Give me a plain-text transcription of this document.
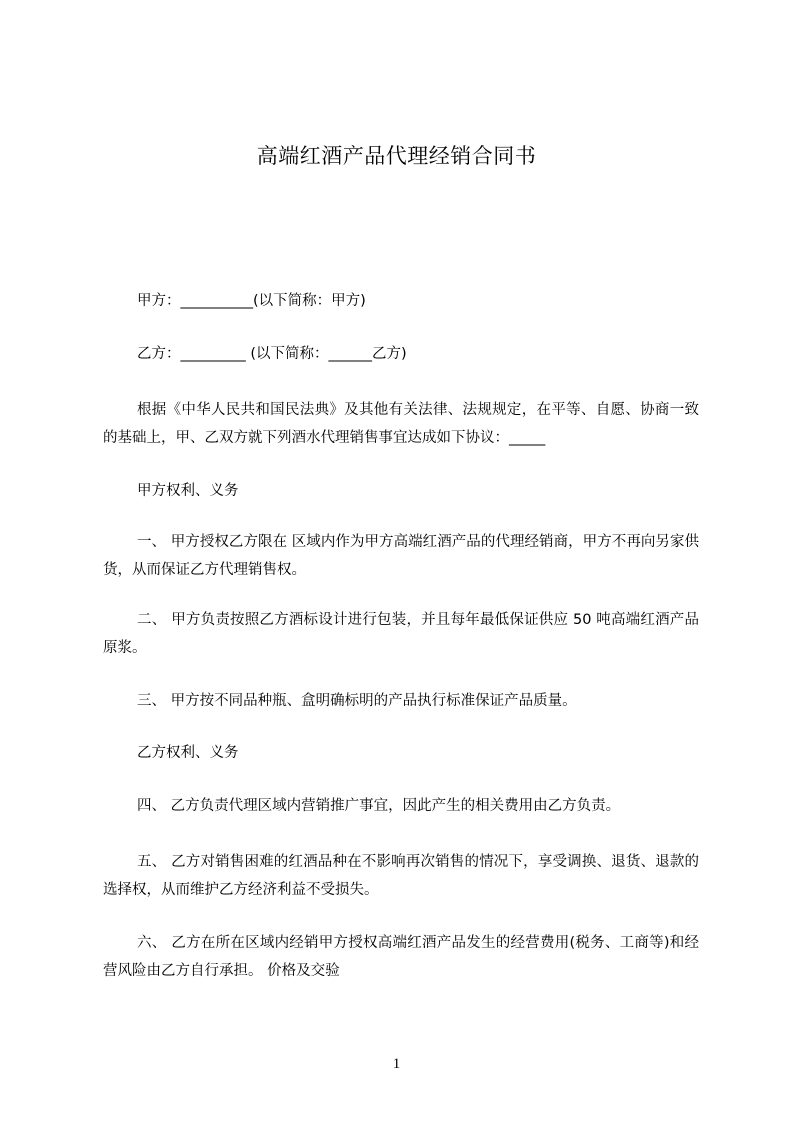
高端红酒产品代理经销合同书
甲方：__________(以下简称：甲方)
乙方：_________ (以下简称：______乙方)
根据《中华人民共和国民法典》及其他有关法律、法规规定，在平等、自愿、协商一致的基础上，甲、乙双方就下列酒水代理销售事宜达成如下协议：_____
甲方权利、义务
一、 甲方授权乙方限在 区域内作为甲方高端红酒产品的代理经销商，甲方不再向另家供货，从而保证乙方代理销售权。
二、 甲方负责按照乙方酒标设计进行包装，并且每年最低保证供应 50 吨高端红酒产品原浆。
三、 甲方按不同品种瓶、盒明确标明的产品执行标准保证产品质量。
乙方权利、义务
四、 乙方负责代理区域内营销推广事宜，因此产生的相关费用由乙方负责。
五、 乙方对销售困难的红酒品种在不影响再次销售的情况下，享受调换、退货、退款的选择权，从而维护乙方经济利益不受损失。
六、 乙方在所在区域内经销甲方授权高端红酒产品发生的经营费用(税务、工商等)和经营风险由乙方自行承担。 价格及交验
1
